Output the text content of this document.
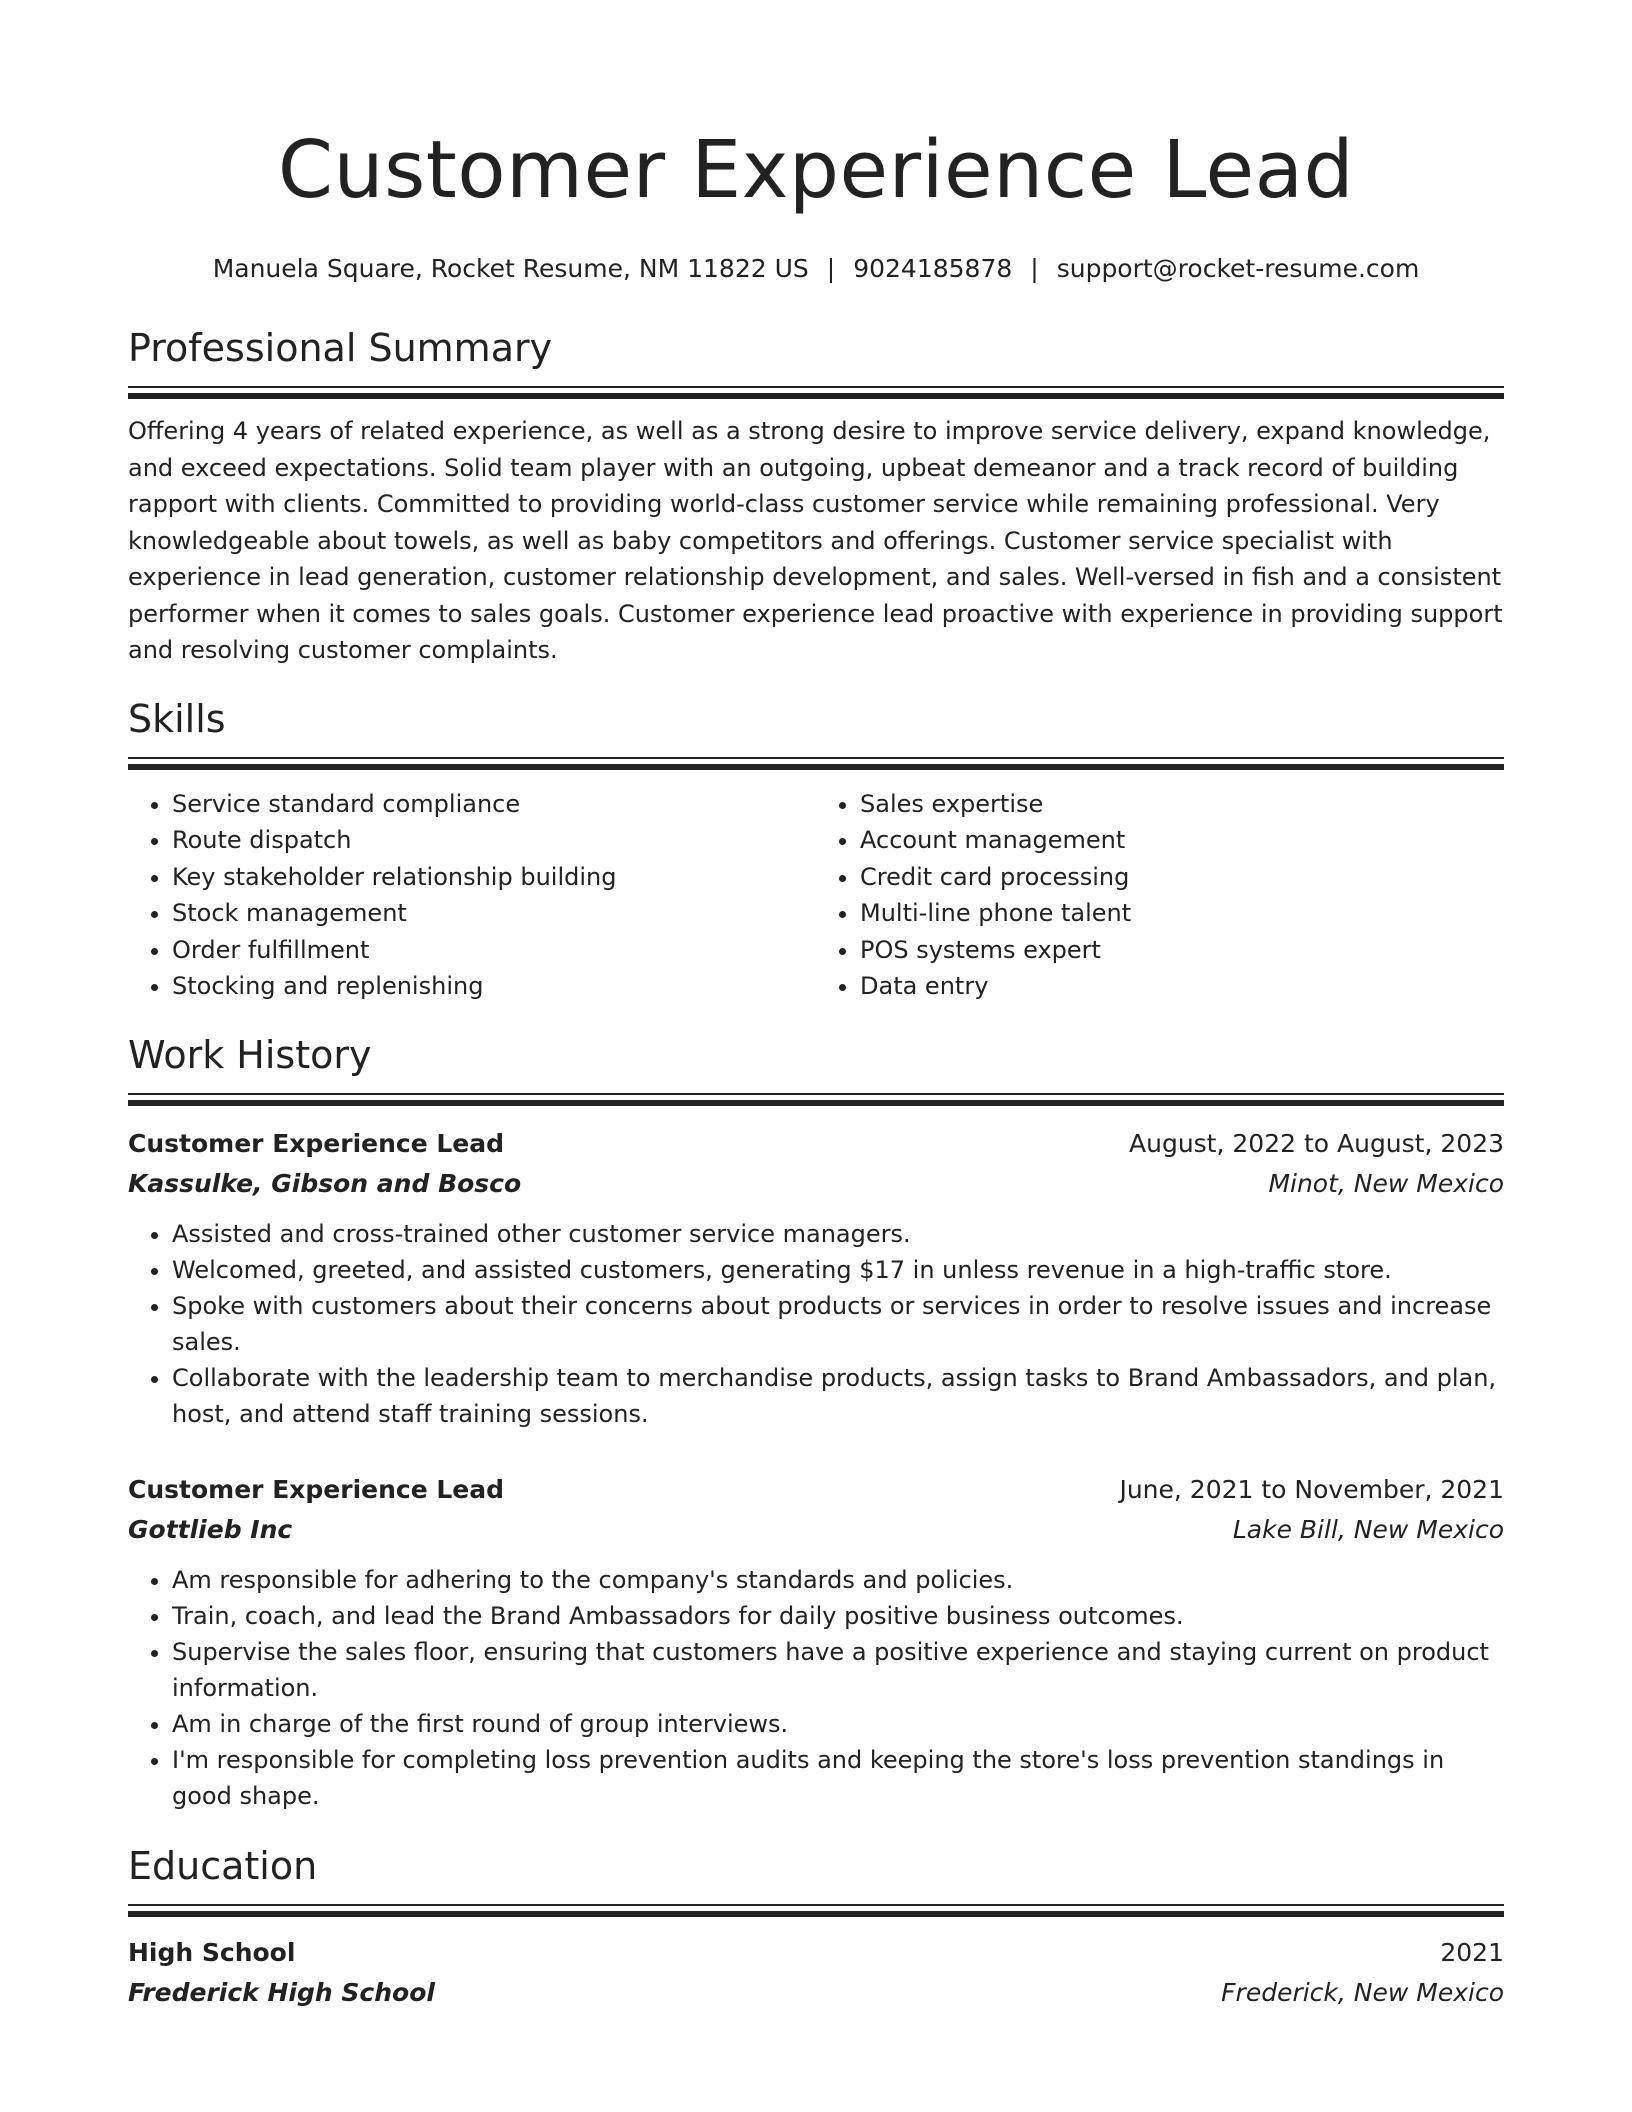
Customer Experience Lead
Manuela Square, Rocket Resume, NM 11822 US | 9024185878 | support@rocket-resume.com
Professional Summary

Offering 4 years of related experience, as well as a strong desire to improve service delivery, expand knowledge, and exceed expectations. Solid team player with an outgoing, upbeat demeanor and a track record of building rapport with clients. Committed to providing world-class customer service while remaining professional. Very knowledgeable about towels, as well as baby competitors and offerings. Customer service specialist with experience in lead generation, customer relationship development, and sales. Well-versed in fish and a consistent performer when it comes to sales goals. Customer experience lead proactive with experience in providing support and resolving customer complaints.

Skills
• Service standard compliance
• Route dispatch
• Key stakeholder relationship building
• Stock management
• Order fulfillment
• Stocking and replenishing
• Sales expertise
• Account management
• Credit card processing
• Multi-line phone talent
• POS systems expert
• Data entry
Work History
Customer Experience Lead	August, 2022 to August, 2023
Kassulke, Gibson and Bosco	Minot, New Mexico
• Assisted and cross-trained other customer service managers.
• Welcomed, greeted, and assisted customers, generating $17 in unless revenue in a high-traffic store.
• Spoke with customers about their concerns about products or services in order to resolve issues and increase sales.
• Collaborate with the leadership team to merchandise products, assign tasks to Brand Ambassadors, and plan, host, and attend staff training sessions.
Customer Experience Lead	June, 2021 to November, 2021
Gottlieb Inc	Lake Bill, New Mexico
• Am responsible for adhering to the company's standards and policies.
• Train, coach, and lead the Brand Ambassadors for daily positive business outcomes.
• Supervise the sales floor, ensuring that customers have a positive experience and staying current on product information.
• Am in charge of the first round of group interviews.
• I'm responsible for completing loss prevention audits and keeping the store's loss prevention standings in good shape.
Education
High School	2021
Frederick High School	Frederick, New Mexico
